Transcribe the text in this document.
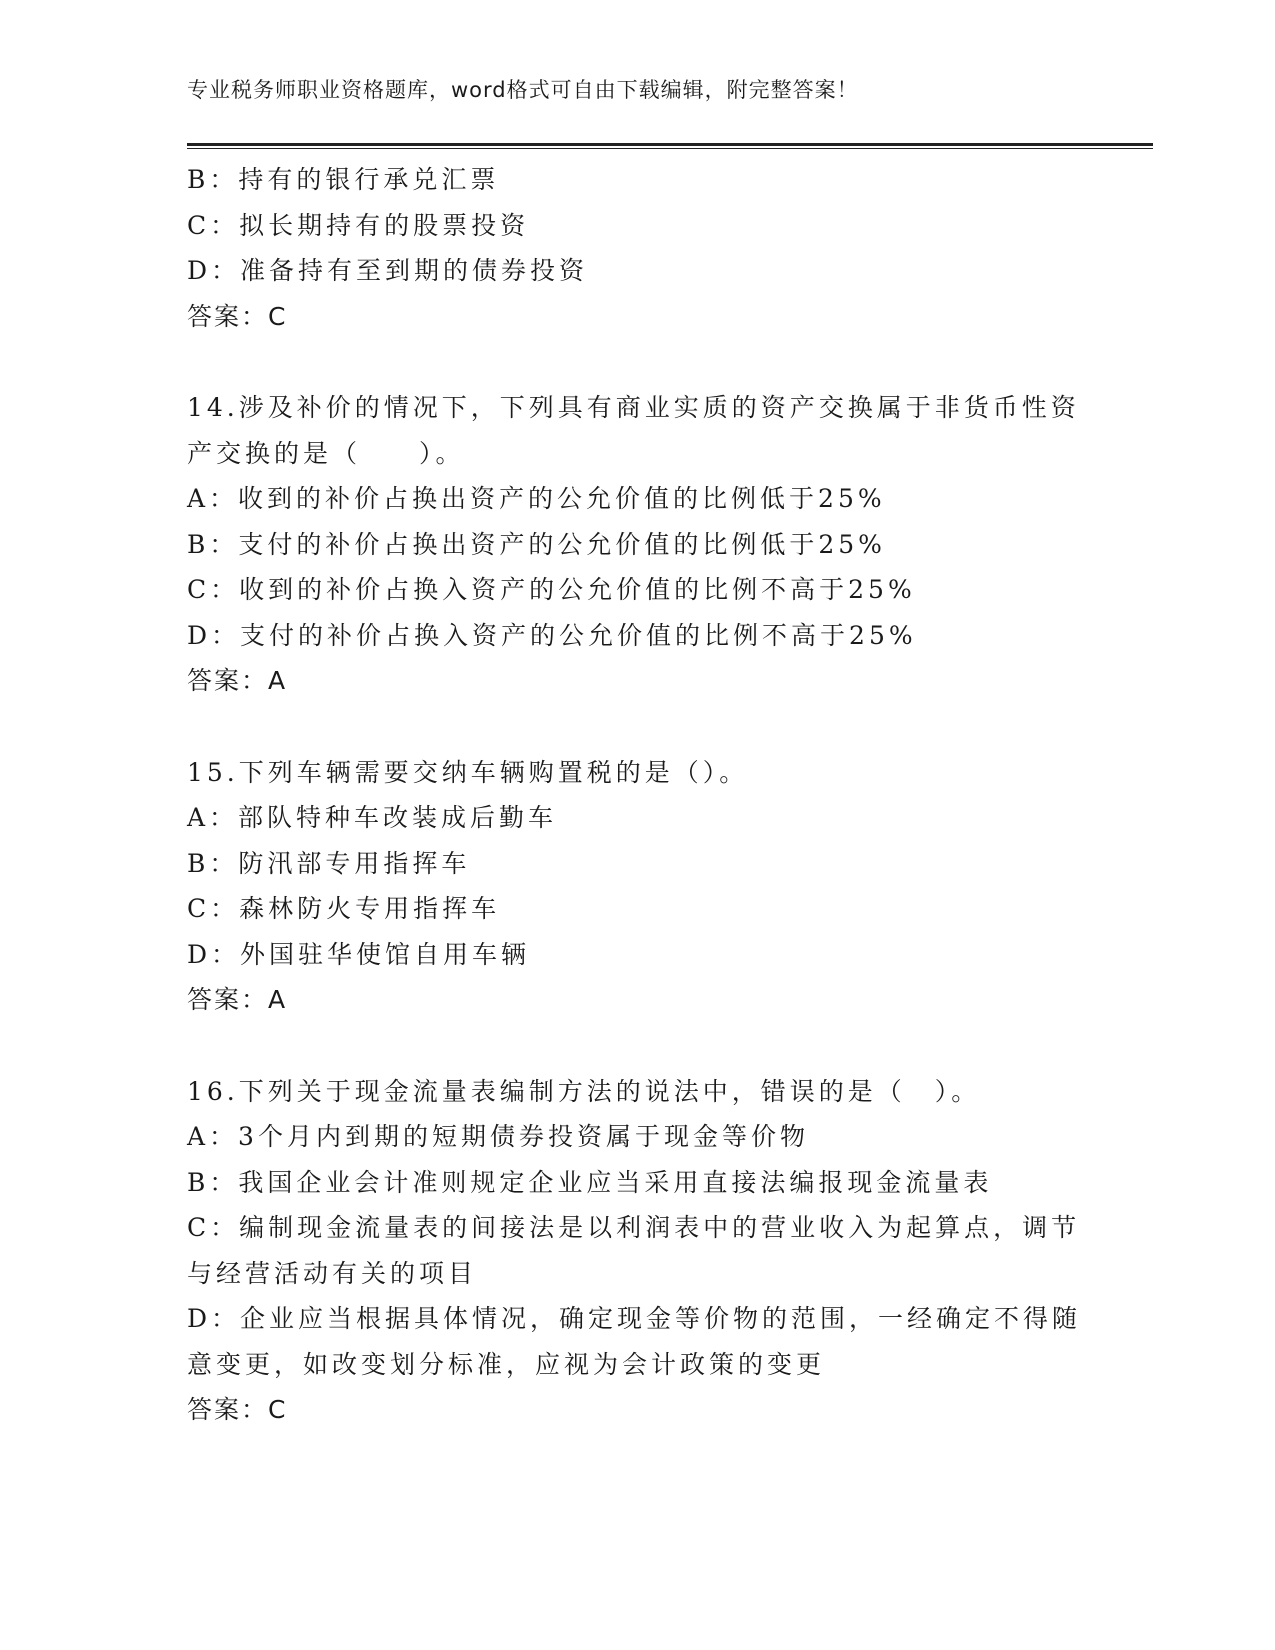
专业税务师职业资格题库，word格式可自由下载编辑，附完整答案！
B：持有的银行承兑汇票
C：拟长期持有的股票投资
D：准备持有至到期的债券投资
答案：C
14.涉及补价的情况下，下列具有商业实质的资产交换属于非货币性资
产交换的是（　　）。
A：收到的补价占换出资产的公允价值的比例低于25%
B：支付的补价占换出资产的公允价值的比例低于25%
C：收到的补价占换入资产的公允价值的比例不高于25%
D：支付的补价占换入资产的公允价值的比例不高于25%
答案：A
15.下列车辆需要交纳车辆购置税的是（）。
A：部队特种车改装成后勤车
B：防汛部专用指挥车
C：森林防火专用指挥车
D：外国驻华使馆自用车辆
答案：A
16.下列关于现金流量表编制方法的说法中，错误的是（　）。
A：3个月内到期的短期债券投资属于现金等价物
B：我国企业会计准则规定企业应当采用直接法编报现金流量表
C：编制现金流量表的间接法是以利润表中的营业收入为起算点，调节
与经营活动有关的项目
D：企业应当根据具体情况，确定现金等价物的范围，一经确定不得随
意变更，如改变划分标准，应视为会计政策的变更
答案：C
